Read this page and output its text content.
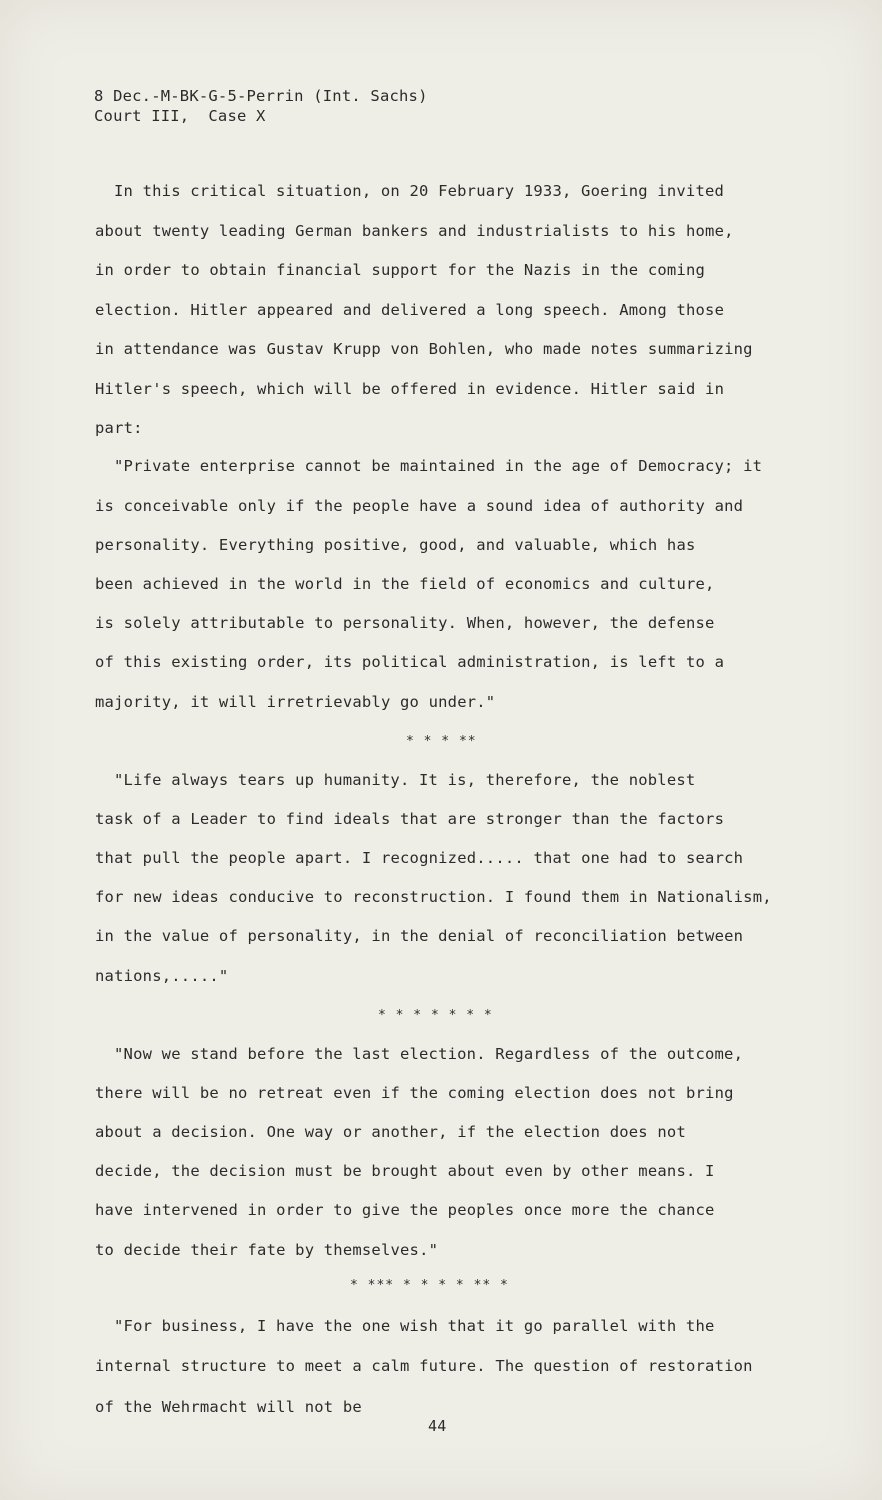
8 Dec.-M-BK-G-5-Perrin (Int. Sachs)
Court III,  Case X
In this critical situation, on 20 February 1933, Goering invited
about twenty leading German bankers and industrialists to his home,
in order to obtain financial support for the Nazis in the coming
election. Hitler appeared and delivered a long speech. Among those
in attendance was Gustav Krupp von Bohlen, who made notes summarizing
Hitler's speech, which will be offered in evidence. Hitler said in
part:
"Private enterprise cannot be maintained in the age of Democracy; it
is conceivable only if the people have a sound idea of authority and
personality. Everything positive, good, and valuable, which has
been achieved in the world in the field of economics and culture,
is solely attributable to personality. When, however, the defense
of this existing order, its political administration, is left to a
majority, it will irretrievably go under."
* * * **
"Life always tears up humanity. It is, therefore, the noblest
task of a Leader to find ideals that are stronger than the factors
that pull the people apart. I recognized..... that one had to search
for new ideas conducive to reconstruction. I found them in Nationalism,
in the value of personality, in the denial of reconciliation between
nations,....."
* * * * * * *
"Now we stand before the last election. Regardless of the outcome,
there will be no retreat even if the coming election does not bring
about a decision. One way or another, if the election does not
decide, the decision must be brought about even by other means. I
have intervened in order to give the peoples once more the chance
to decide their fate by themselves."
* *** * * * * ** *
"For business, I have the one wish that it go parallel with the
internal structure to meet a calm future. The question of restoration
of the Wehrmacht will not be
44
